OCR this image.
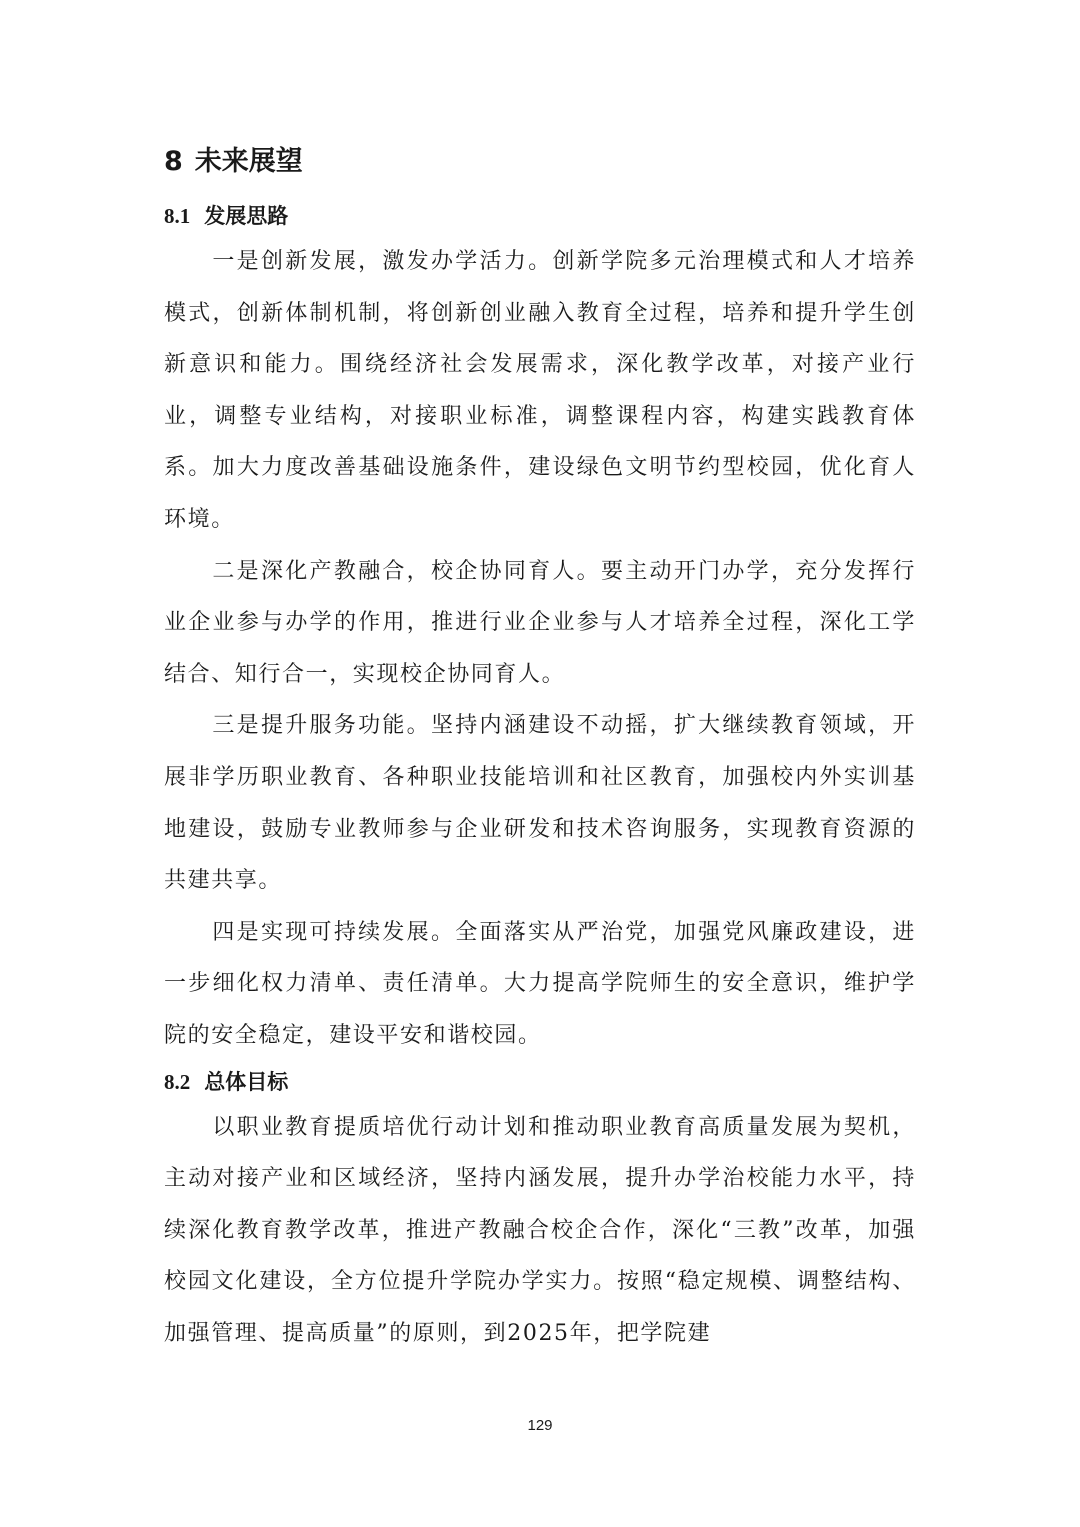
8 未来展望
8.1 发展思路

一是创新发展，激发办学活力。创新学院多元治理模式和人才培养模式，创新体制机制，将创新创业融入教育全过程，培养和提升学生创新意识和能力。围绕经济社会发展需求，深化教学改革，对接产业行业，调整专业结构，对接职业标准，调整课程内容，构建实践教育体系。加大力度改善基础设施条件，建设绿色文明节约型校园，优化育人环境。

二是深化产教融合，校企协同育人。要主动开门办学，充分发挥行业企业参与办学的作用，推进行业企业参与人才培养全过程，深化工学结合、知行合一，实现校企协同育人。

三是提升服务功能。坚持内涵建设不动摇，扩大继续教育领域，开展非学历职业教育、各种职业技能培训和社区教育，加强校内外实训基地建设，鼓励专业教师参与企业研发和技术咨询服务，实现教育资源的共建共享。

四是实现可持续发展。全面落实从严治党，加强党风廉政建设，进一步细化权力清单、责任清单。大力提高学院师生的安全意识，维护学院的安全稳定，建设平安和谐校园。

8.2 总体目标

以职业教育提质培优行动计划和推动职业教育高质量发展为契机，主动对接产业和区域经济，坚持内涵发展，提升办学治校能力水平，持续深化教育教学改革，推进产教融合校企合作，深化“三教”改革，加强校园文化建设，全方位提升学院办学实力。按照“稳定规模、调整结构、加强管理、提高质量”的原则，到2025年，把学院建

129
